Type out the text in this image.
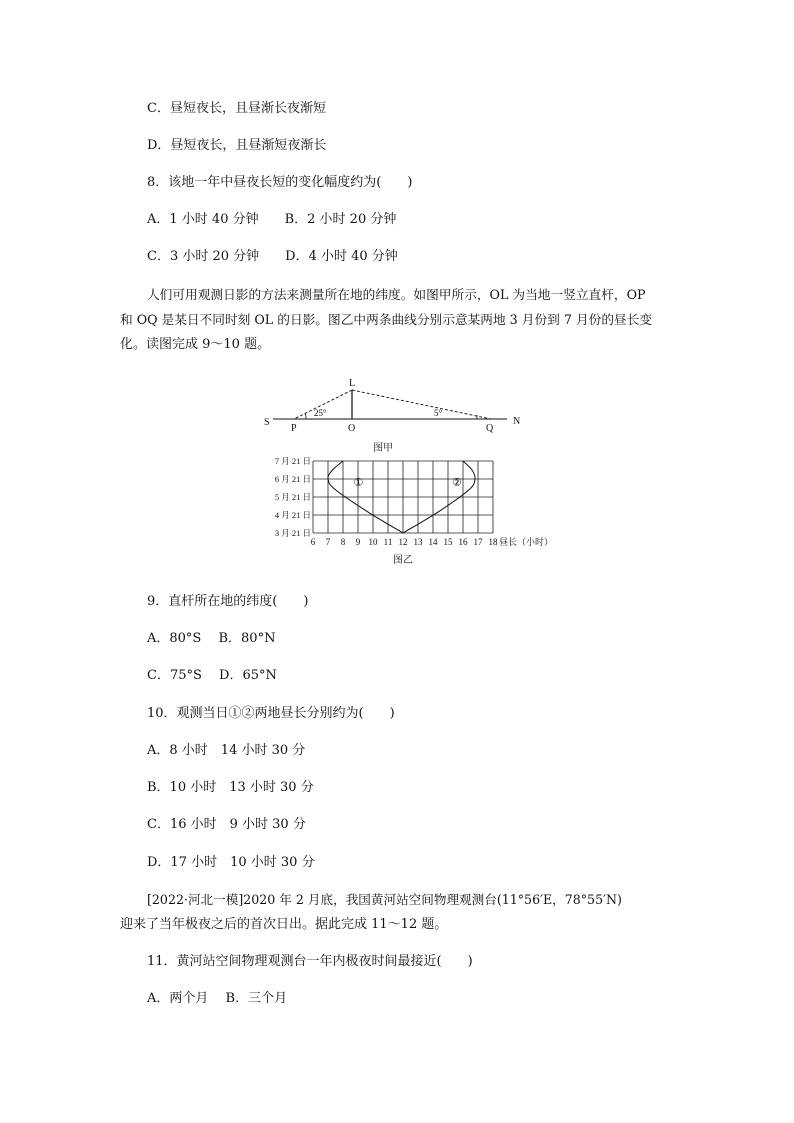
C．昼短夜长，且昼渐长夜渐短
D．昼短夜长，且昼渐短夜渐长
8．该地一年中昼夜长短的变化幅度约为(　　)
A．1 小时 40 分钟　　B．2 小时 20 分钟
C．3 小时 20 分钟　　D．4 小时 40 分钟
人们可用观测日影的方法来测量所在地的纬度。如图甲所示，OL 为当地一竖立直杆，OP
和 OQ 是某日不同时刻 OL 的日影。图乙中两条曲线分别示意某两地 3 月份到 7 月份的昼长变
化。读图完成 9～10 题。
L
S
P	O	Q
N
25°	5°
图甲
3 月 21 日
4 月 21 日
5 月 21 日
6 月 21 日
7 月 21 日
6 7 8 9 10 11 12 13 14 15 16 17 18 昼长（小时）
图乙
①	②
9．直杆所在地的纬度(　　)
A．80°S　 B．80°N
C．75°S　 D．65°N
10．观测当日①②两地昼长分别约为(　　)
A．8 小时　14 小时 30 分
B．10 小时　13 小时 30 分
C．16 小时　9 小时 30 分
D．17 小时　10 小时 30 分
[2022·河北一模]2020 年 2 月底，我国黄河站空间物理观测台(11°56′E，78°55′N)
迎来了当年极夜之后的首次日出。据此完成 11～12 题。
11．黄河站空间物理观测台一年内极夜时间最接近(　　)
A．两个月　 B．三个月
